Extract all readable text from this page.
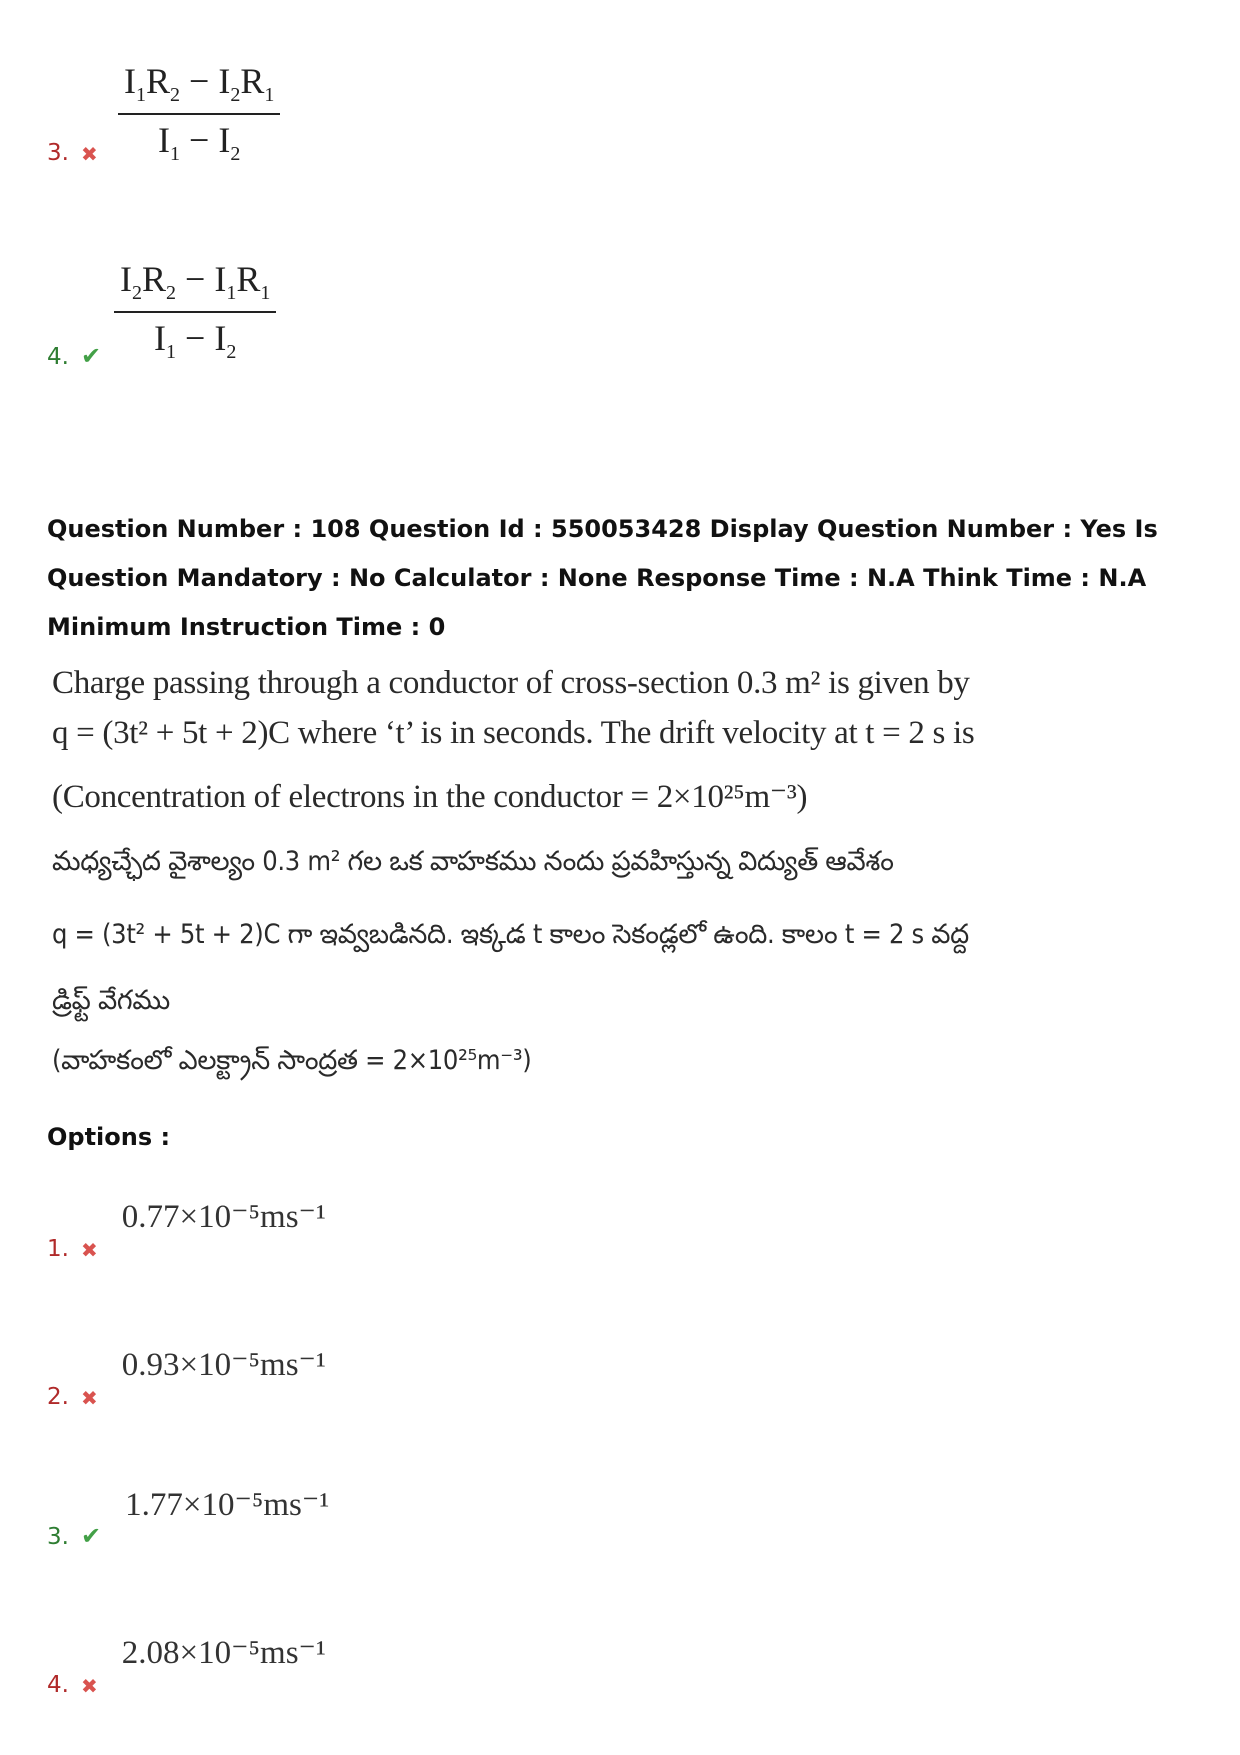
3. ✖ $\frac{I_1R_2 - I_2R_1}{I_1 - I_2}$
4. ✔ $\frac{I_2R_2 - I_1R_1}{I_1 - I_2}$
Question Number : 108 Question Id : 550053428 Display Question Number : Yes Is Question Mandatory : No Calculator : None Response Time : N.A Think Time : N.A Minimum Instruction Time : 0
Charge passing through a conductor of cross-section 0.3 m² is given by
q = (3t² + 5t + 2)C where ‘t’ is in seconds. The drift velocity at t = 2 s is
(Concentration of electrons in the conductor = 2×10²⁵m⁻³)
మధ్యచ్ఛేద వైశాల్యం 0.3 m² గల ఒక వాహకము నందు ప్రవహిస్తున్న విద్యుత్ ఆవేశం
q = (3t² + 5t + 2)C గా ఇవ్వబడినది. ఇక్కడ t కాలం సెకండ్లలో ఉంది. కాలం t = 2 s వద్ద
డ్రిఫ్ట్ వేగము
(వాహకంలో ఎలక్ట్రాన్ సాంద్రత = 2×10²⁵m⁻³)
Options :
1. ✖
0.77×10⁻⁵ms⁻¹
2. ✖
0.93×10⁻⁵ms⁻¹
3. ✔
1.77×10⁻⁵ms⁻¹
4. ✖
2.08×10⁻⁵ms⁻¹
